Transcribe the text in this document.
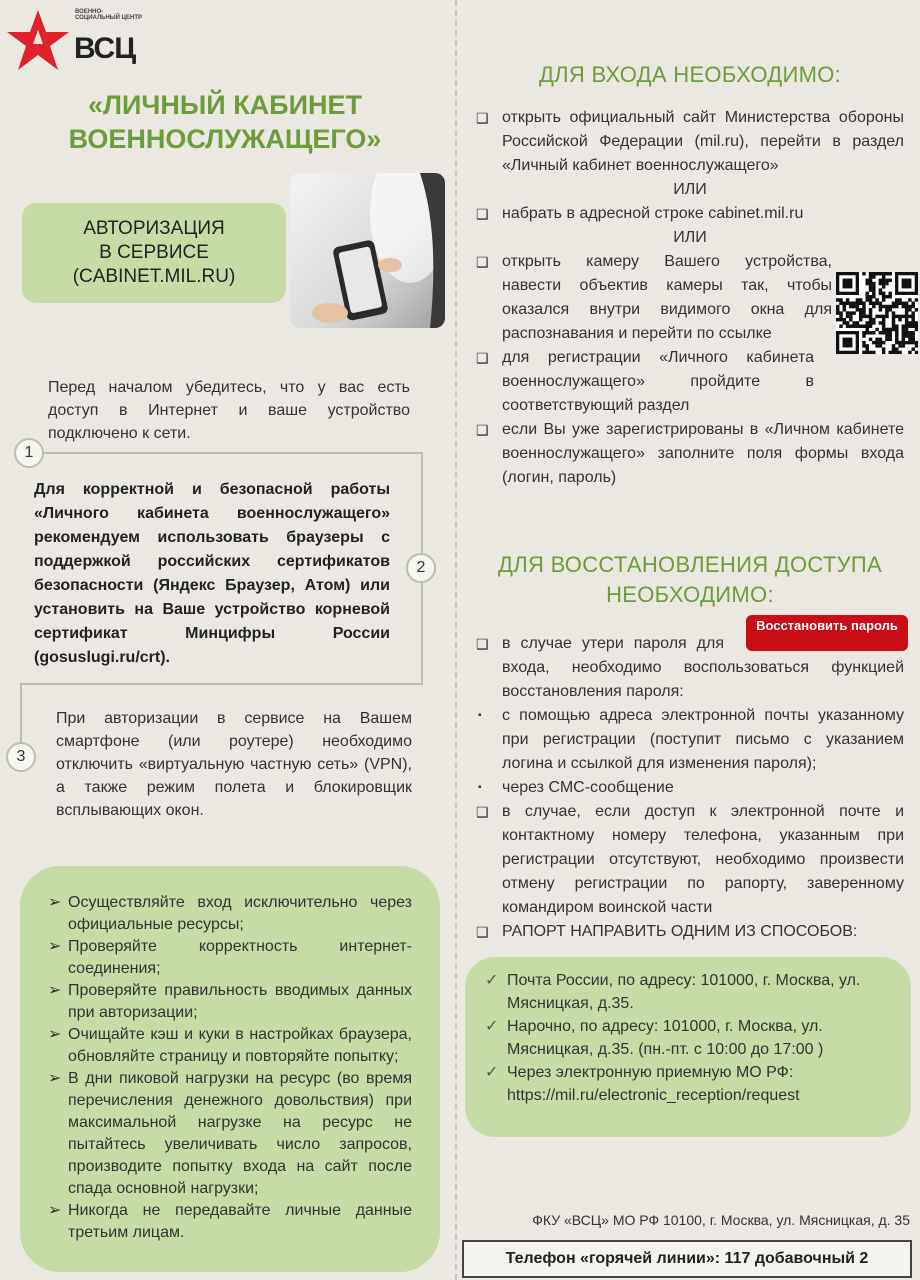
ВОЕННО-СОЦИАЛЬНЫЙ ЦЕНТР
ВСЦ
«ЛИЧНЫЙ КАБИНЕТ
ВОЕННОСЛУЖАЩЕГО»
АВТОРИЗАЦИЯ
В СЕРВИСЕ
(CABINET.MIL.RU)
Перед началом убедитесь, что у вас есть доступ в Интернет и ваше устройство подключено к сети.
1
2
3
Для корректной и безопасной работы «Личного кабинета военнослужащего» рекомендуем использовать браузеры с поддержкой российских сертификатов безопасности (Яндекс Браузер, Атом) или установить на Ваше устройство корневой сертификат Минцифры России (gosuslugi.ru/crt).
При авторизации в сервисе на Вашем смартфоне (или роутере) необходимо отключить «виртуальную частную сеть» (VPN), а также режим полета и блокировщик всплывающих окон.
➢ Осуществляйте вход исключительно через официальные ресурсы;
➢ Проверяйте корректность интернет-соединения;
➢ Проверяйте правильность вводимых данных при авторизации;
➢ Очищайте кэш и куки в настройках браузера, обновляйте страницу и повторяйте попытку;
➢ В дни пиковой нагрузки на ресурс (во время перечисления денежного довольствия) при максимальной нагрузке на ресурс не пытайтесь увеличивать число запросов, производите попытку входа на сайт после спада основной нагрузки;
➢ Никогда не передавайте личные данные третьим лицам.
ДЛЯ ВХОДА НЕОБХОДИМО:
❑ открыть официальный сайт Министерства обороны Российской Федерации (mil.ru), перейти в раздел «Личный кабинет военнослужащего»
ИЛИ
❑ набрать в адресной строке cabinet.mil.ru
ИЛИ
❑ открыть камеру Вашего устройства, навести объектив камеры так, чтобы оказался внутри видимого окна для распознавания и перейти по ссылке
❑ для регистрации «Личного кабинета военнослужащего» пройдите в соответствующий раздел
❑ если Вы уже зарегистрированы в «Личном кабинете военнослужащего» заполните поля формы входа (логин, пароль)
ДЛЯ ВОССТАНОВЛЕНИЯ ДОСТУПА
НЕОБХОДИМО:
Восстановить пароль
❑ в случае утери пароля для входа, необходимо воспользоваться функцией восстановления пароля:
▪ с помощью адреса электронной почты указанному при регистрации (поступит письмо с указанием логина и ссылкой для изменения пароля);
▪ через СМС-сообщение
❑ в случае, если доступ к электронной почте и контактному номеру телефона, указанным при регистрации отсутствуют, необходимо произвести отмену регистрации по рапорту, заверенному командиром воинской части
❑ РАПОРТ НАПРАВИТЬ ОДНИМ ИЗ СПОСОБОВ:
✓ Почта России, по адресу: 101000, г. Москва, ул. Мясницкая, д.35.
✓ Нарочно, по адресу: 101000, г. Москва, ул. Мясницкая, д.35. (пн.-пт. с 10:00 до 17:00 )
✓ Через электронную приемную МО РФ: https://mil.ru/electronic_reception/request
ФКУ «ВСЦ» МО РФ 10100, г. Москва, ул. Мясницкая, д. 35
Телефон «горячей линии»: 117 добавочный 2
